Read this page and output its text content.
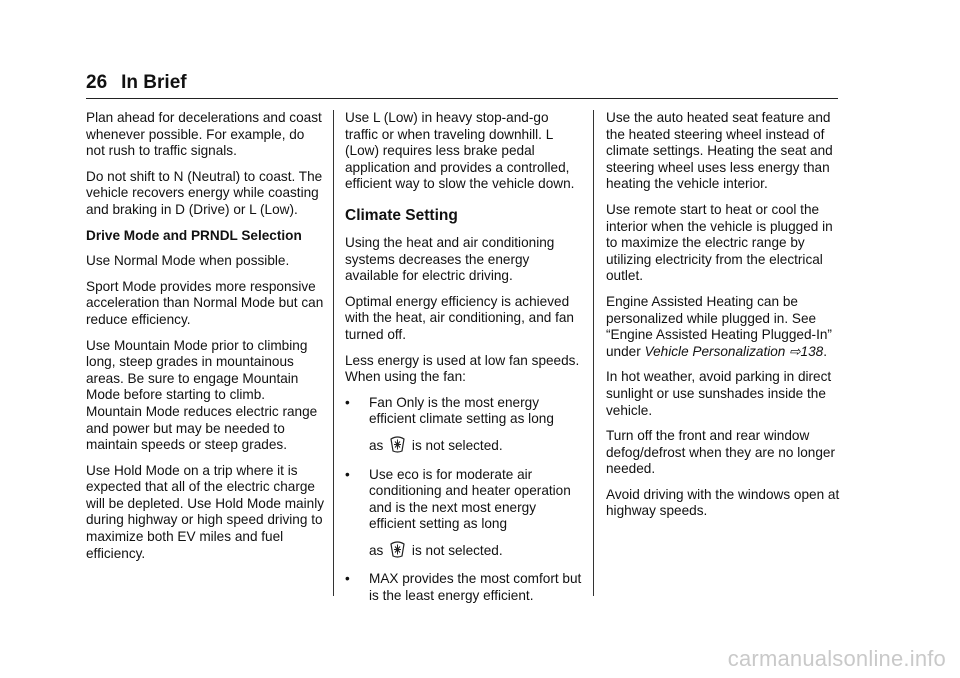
26 In Brief

Plan ahead for decelerations and coast whenever possible. For example, do not rush to traffic signals.

Do not shift to N (Neutral) to coast. The vehicle recovers energy while coasting and braking in D (Drive) or L (Low).

Drive Mode and PRNDL Selection

Use Normal Mode when possible.

Sport Mode provides more responsive acceleration than Normal Mode but can reduce efficiency.

Use Mountain Mode prior to climbing long, steep grades in mountainous areas. Be sure to engage Mountain Mode before starting to climb. Mountain Mode reduces electric range and power but may be needed to maintain speeds or steep grades.

Use Hold Mode on a trip where it is expected that all of the electric charge will be depleted. Use Hold Mode mainly during highway or high speed driving to maximize both EV miles and fuel efficiency.

Use L (Low) in heavy stop-and-go traffic or when traveling downhill. L (Low) requires less brake pedal application and provides a controlled, efficient way to slow the vehicle down.

Climate Setting

Using the heat and air conditioning systems decreases the energy available for electric driving.

Optimal energy efficiency is achieved with the heat, air conditioning, and fan turned off.

Less energy is used at low fan speeds. When using the fan:

•	Fan Only is the most energy efficient climate setting as long
as is not selected.
•	Use eco is for moderate air conditioning and heater operation and is the next most energy efficient setting as long
as is not selected.
•	MAX provides the most comfort but is the least energy efficient.

Use the auto heated seat feature and the heated steering wheel instead of climate settings. Heating the seat and steering wheel uses less energy than heating the vehicle interior.

Use remote start to heat or cool the interior when the vehicle is plugged in to maximize the electric range by utilizing electricity from the electrical outlet.

Engine Assisted Heating can be personalized while plugged in. See “Engine Assisted Heating Plugged-In” under Vehicle Personalization ⇨138.

In hot weather, avoid parking in direct sunlight or use sunshades inside the vehicle.

Turn off the front and rear window defog/defrost when they are no longer needed.

Avoid driving with the windows open at highway speeds.

carmanualsonline.info
